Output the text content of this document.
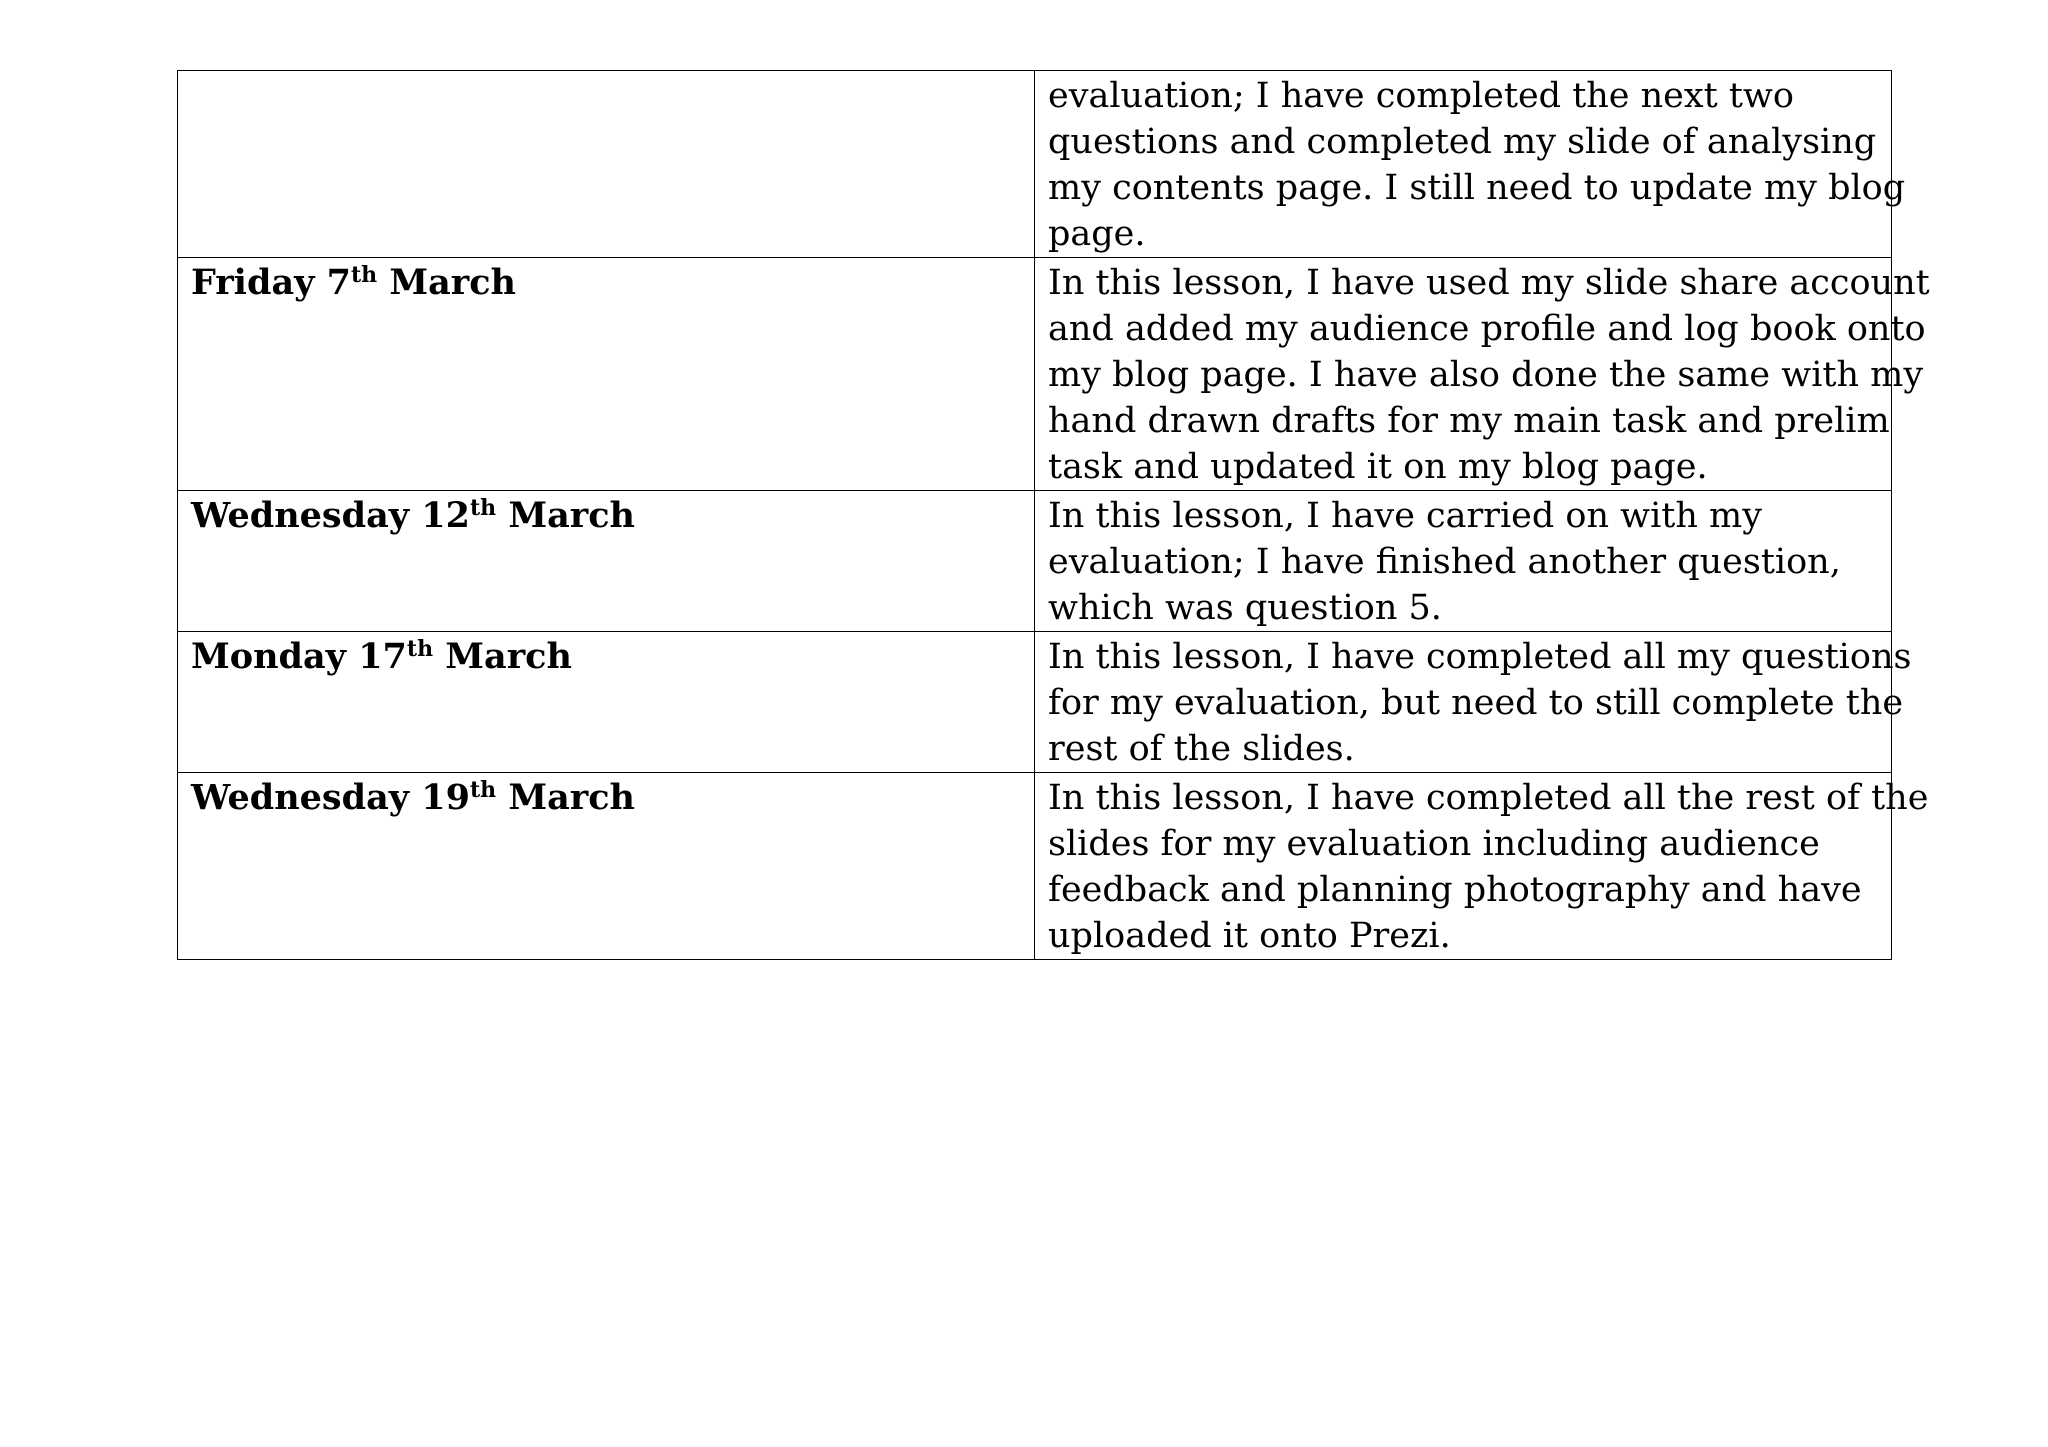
	evaluation; I have completed the next two
questions and completed my slide of analysing
my contents page. I still need to update my blog
page.

Friday 7th March	In this lesson, I have used my slide share account
and added my audience profile and log book onto
my blog page. I have also done the same with my
hand drawn drafts for my main task and prelim
task and updated it on my blog page.

Wednesday 12th March	In this lesson, I have carried on with my
evaluation; I have finished another question,
which was question 5.

Monday 17th March	In this lesson, I have completed all my questions
for my evaluation, but need to still complete the
rest of the slides.

Wednesday 19th March	In this lesson, I have completed all the rest of the
slides for my evaluation including audience
feedback and planning photography and have
uploaded it onto Prezi.
